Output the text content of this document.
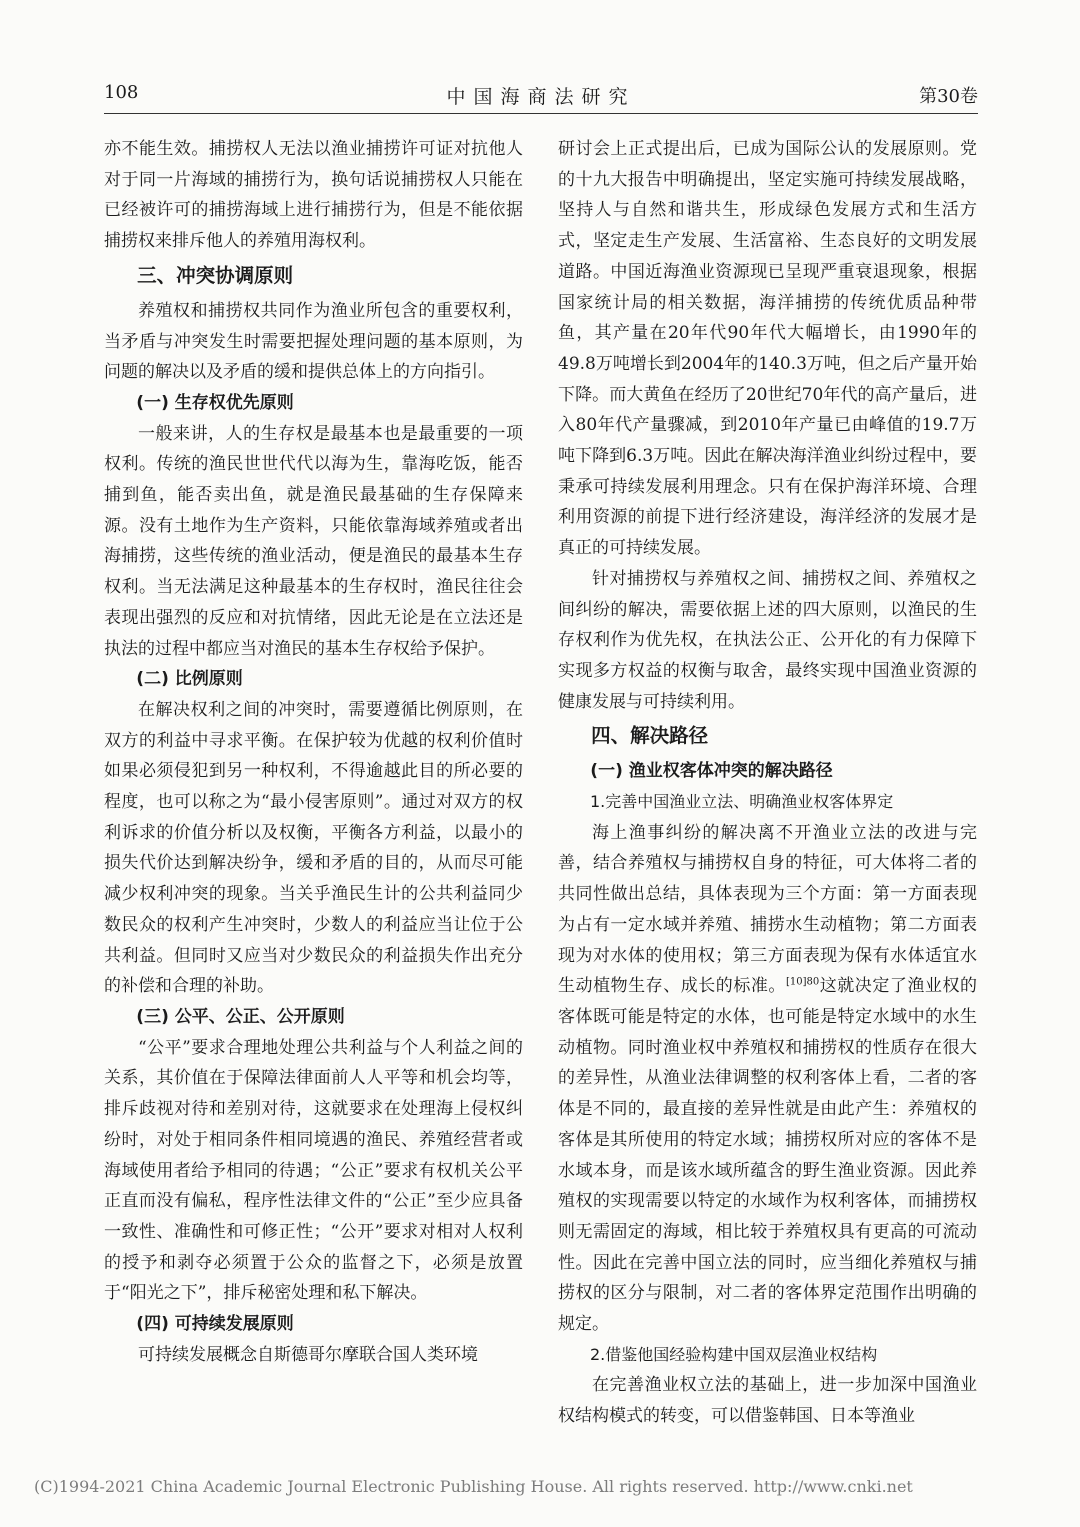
108	中国海商法研究	第30卷

亦不能生效。捕捞权人无法以渔业捕捞许可证对抗他人对于同一片海域的捕捞行为，换句话说捕捞权人只能在已经被许可的捕捞海域上进行捕捞行为，但是不能依据捕捞权来排斥他人的养殖用海权利。

三、冲突协调原则

养殖权和捕捞权共同作为渔业所包含的重要权利，当矛盾与冲突发生时需要把握处理问题的基本原则，为问题的解决以及矛盾的缓和提供总体上的方向指引。

(一) 生存权优先原则

一般来讲，人的生存权是最基本也是最重要的一项权利。传统的渔民世世代代以海为生，靠海吃饭，能否捕到鱼，能否卖出鱼，就是渔民最基础的生存保障来源。没有土地作为生产资料，只能依靠海域养殖或者出海捕捞，这些传统的渔业活动，便是渔民的最基本生存权利。当无法满足这种最基本的生存权时，渔民往往会表现出强烈的反应和对抗情绪，因此无论是在立法还是执法的过程中都应当对渔民的基本生存权给予保护。

(二) 比例原则

在解决权利之间的冲突时，需要遵循比例原则，在双方的利益中寻求平衡。在保护较为优越的权利价值时如果必须侵犯到另一种权利，不得逾越此目的所必要的程度，也可以称之为“最小侵害原则”。通过对双方的权利诉求的价值分析以及权衡，平衡各方利益，以最小的损失代价达到解决纷争，缓和矛盾的目的，从而尽可能减少权利冲突的现象。当关乎渔民生计的公共利益同少数民众的权利产生冲突时，少数人的利益应当让位于公共利益。但同时又应当对少数民众的利益损失作出充分的补偿和合理的补助。

(三) 公平、公正、公开原则

“公平”要求合理地处理公共利益与个人利益之间的关系，其价值在于保障法律面前人人平等和机会均等，排斥歧视对待和差别对待，这就要求在处理海上侵权纠纷时，对处于相同条件相同境遇的渔民、养殖经营者或海域使用者给予相同的待遇；“公正”要求有权机关公平正直而没有偏私，程序性法律文件的“公正”至少应具备一致性、准确性和可修正性；“公开”要求对相对人权利的授予和剥夺必须置于公众的监督之下，必须是放置于“阳光之下”，排斥秘密处理和私下解决。

(四) 可持续发展原则

可持续发展概念自斯德哥尔摩联合国人类环境

研讨会上正式提出后，已成为国际公认的发展原则。党的十九大报告中明确提出，坚定实施可持续发展战略，坚持人与自然和谐共生，形成绿色发展方式和生活方式，坚定走生产发展、生活富裕、生态良好的文明发展道路。中国近海渔业资源现已呈现严重衰退现象，根据国家统计局的相关数据，海洋捕捞的传统优质品种带鱼，其产量在20年代90年代大幅增长，由1990年的49.8万吨增长到2004年的140.3万吨，但之后产量开始下降。而大黄鱼在经历了20世纪70年代的高产量后，进入80年代产量骤减，到2010年产量已由峰值的19.7万吨下降到6.3万吨。因此在解决海洋渔业纠纷过程中，要秉承可持续发展利用理念。只有在保护海洋环境、合理利用资源的前提下进行经济建设，海洋经济的发展才是真正的可持续发展。

针对捕捞权与养殖权之间、捕捞权之间、养殖权之间纠纷的解决，需要依据上述的四大原则，以渔民的生存权利作为优先权，在执法公正、公开化的有力保障下实现多方权益的权衡与取舍，最终实现中国渔业资源的健康发展与可持续利用。

四、解决路径
(一) 渔业权客体冲突的解决路径
1.完善中国渔业立法、明确渔业权客体界定

海上渔事纠纷的解决离不开渔业立法的改进与完善，结合养殖权与捕捞权自身的特征，可大体将二者的共同性做出总结，具体表现为三个方面：第一方面表现为占有一定水域并养殖、捕捞水生动植物；第二方面表现为对水体的使用权；第三方面表现为保有水体适宜水生动植物生存、成长的标准。$^{[10]80}$这就决定了渔业权的客体既可能是特定的水体，也可能是特定水域中的水生动植物。同时渔业权中养殖权和捕捞权的性质存在很大的差异性，从渔业法律调整的权利客体上看，二者的客体是不同的，最直接的差异性就是由此产生：养殖权的客体是其所使用的特定水域；捕捞权所对应的客体不是水域本身，而是该水域所蕴含的野生渔业资源。因此养殖权的实现需要以特定的水域作为权利客体，而捕捞权则无需固定的海域，相比较于养殖权具有更高的可流动性。因此在完善中国立法的同时，应当细化养殖权与捕捞权的区分与限制，对二者的客体界定范围作出明确的规定。

2.借鉴他国经验构建中国双层渔业权结构

在完善渔业权立法的基础上，进一步加深中国渔业权结构模式的转变，可以借鉴韩国、日本等渔业

(C)1994-2021 China Academic Journal Electronic Publishing House. All rights reserved. http://www.cnki.net
